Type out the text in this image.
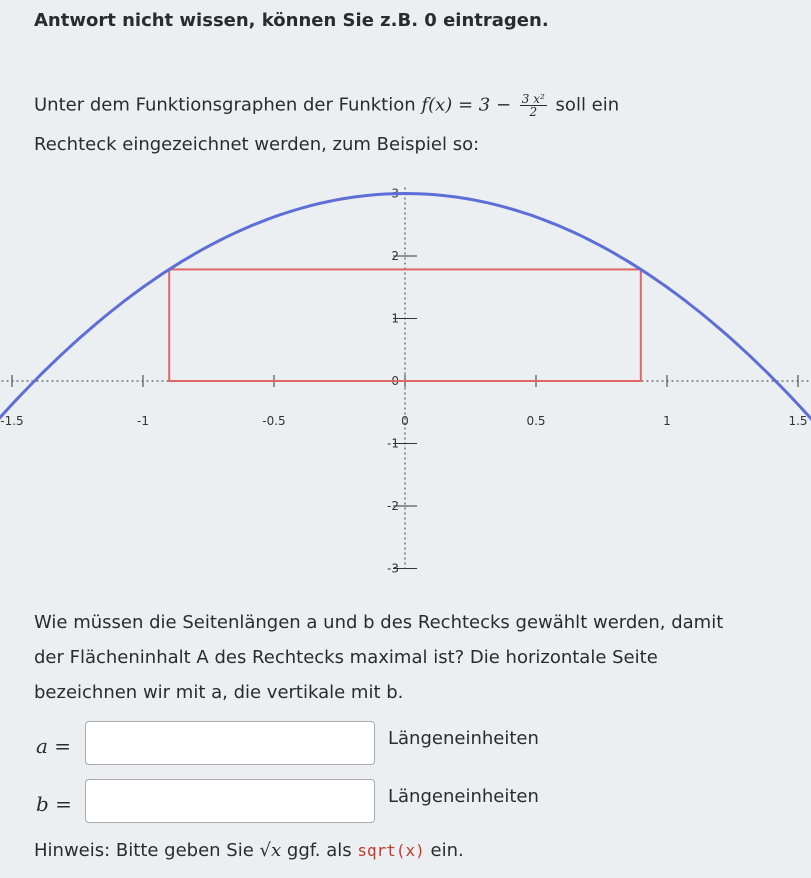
Antwort nicht wissen, können Sie z.B. 0 eintragen.
Unter dem Funktionsgraphen der Funktion $f(x) = 3 - \frac{\text{3 x²}}{2}$ soll ein
Rechteck eingezeichnet werden, zum Beispiel so:
-1.5	-1	-0.5	0	0.5	1	1.5
3
2
1
-1
-2
-3
0
Wie müssen die Seitenlängen a und b des Rechtecks gewählt werden, damit
der Flächeninhalt A des Rechtecks maximal ist? Die horizontale Seite
bezeichnen wir mit a, die vertikale mit b.
a =	Längeneinheiten
b =	Längeneinheiten
Hinweis: Bitte geben Sie √x ggf. als sqrt(x) ein.
